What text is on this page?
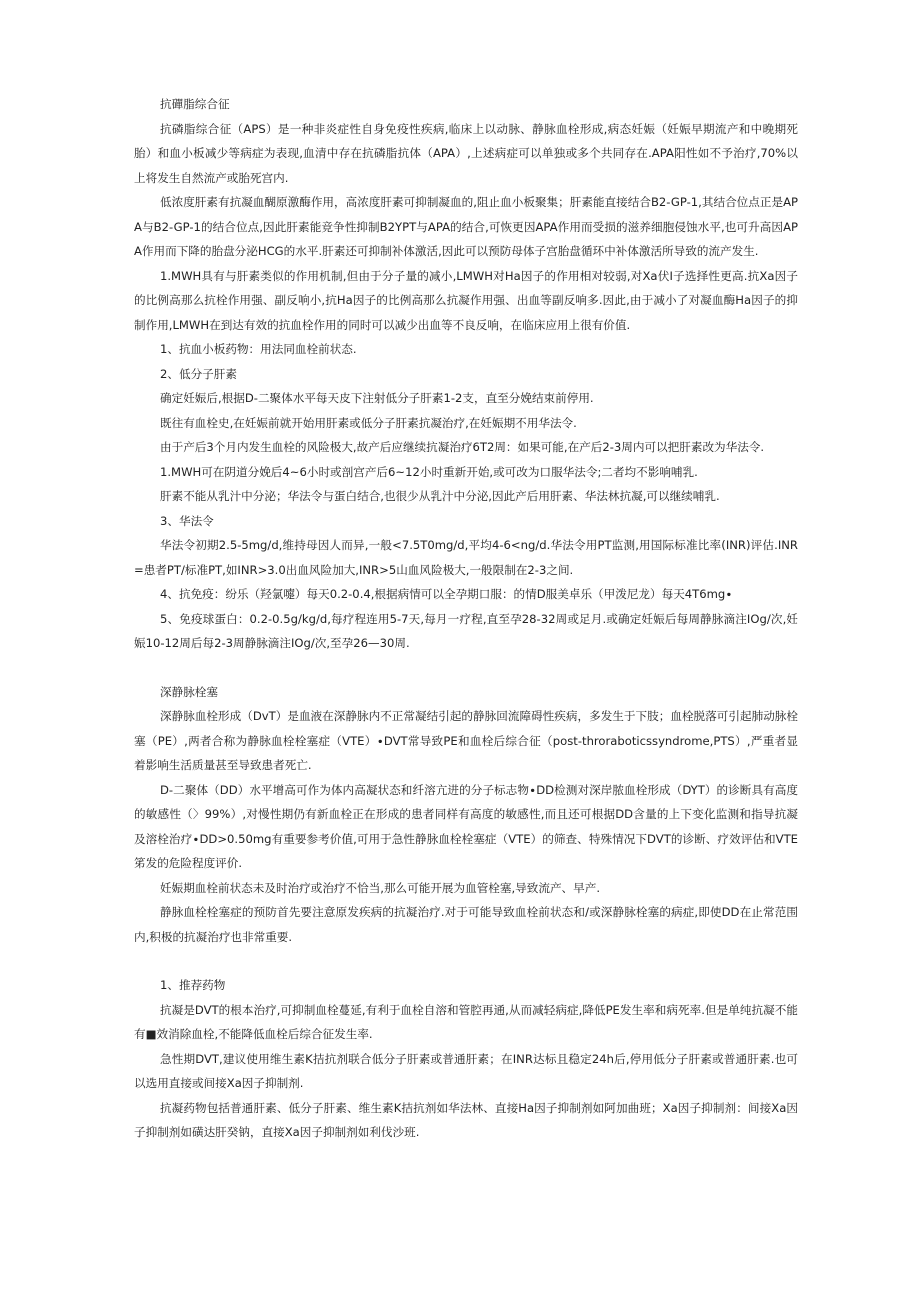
抗磾脂综合征
抗磷脂综合征（APS）是一种非炎症性自身免疫性疾病,临床上以动脉、静脉血栓形成,病态妊娠（妊娠早期流产和中晚期死胎）和血小板减少等病症为表现,血清中存在抗磷脂抗体（APA）,上述病症可以单独或多个共同存在.APA阳性如不予治疗,70%以上将发生自然流产或胎死宫内.
低浓度肝素有抗凝血醐原激酶作用，高浓度肝素可抑制凝血的,阻止血小板聚集；肝素能直接结合B2-GP-1,其结合位点正是APA与B2-GP-1的结合位点,因此肝素能竞争性抑制B2YPT与APA的结合,可恢更因APA作用而受损的滋养细胞侵蚀水平,也可升高因APA作用而下降的胎盘分泌HCG的水平.肝素还可抑制补体激活,因此可以预防母体子宫胎盘循环中补体激活所导致的流产发生.
1.MWH具有与肝素类似的作用机制,但由于分子量的减小,LMWH对Ha因子的作用相对较弱,对Xa伏I子选择性更高.抗Xa因子的比例高那么抗栓作用强、副反响小,抗Ha因子的比例高那么抗凝作用强、出血等副反响多.因此,由于减小了对凝血酶Ha因子的抑制作用,LMWH在到达有效的抗血栓作用的同时可以减少出血等不良反响，在临床应用上很有价值.
1、抗血小板药物：用法同血栓前状态.
2、低分子肝素
确定妊娠后,根据D-二聚体水平每天皮下注射低分子肝素1-2支，直至分娩结束前停用.
既往有血栓史,在妊娠前就开始用肝素或低分子肝素抗凝治疗,在妊娠期不用华法令.
由于产后3个月内发生血栓的风险极大,故产后应继续抗凝治疗6T2周：如果可能,在产后2-3周内可以把肝素改为华法令.
1.MWH可在阴道分娩后4~6小时或剖宫产后6~12小时重新开始,或可改为口服华法令;二者均不影响哺乳.
肝素不能从乳汁中分泌；华法令与蛋白结合,也很少从乳汁中分泌,因此产后用肝素、华法林抗凝,可以继续哺乳.
3、华法令
华法令初期2.5-5mg∕d,维持母因人而异,一般<7.5T0mg∕d,平均4-6<ng∕d.华法令用PT监测,用国际标准比率(INR)评估.INR=患者PT/标准PT,如INR>3.0出血风险加大,INR>5山血风险极大,一般限制在2-3之间.
4、抗免疫：纷乐（羟氯嚏）每天0.2-0.4,根据病情可以全孕期口服：的情D服美卓乐（甲泼尼龙）每天4T6mg∙
5、免疫球蛋白：0.2-0.5g∕kg∕d,每疗程连用5-7天,每月一疗程,直至孕28-32周或足月.或确定妊娠后每周静脉滴注IOg/次,妊娠10-12周后每2-3周静脉滴注IOg/次,至孕26—30周.
深静脉栓塞
深静脉血栓形成（DvT）是血液在深静脉内不正常凝结引起的静脉回流障碍性疾病，多发生于下肢；血栓脱落可引起肺动脉栓塞（PE）,两者合称为静脉血栓栓塞症（VTE）∙DVT常导致PE和血栓后综合征（post-throraboticssyndrome,PTS）,严重者显着影响生活质量甚至导致患者死亡.
D-二聚体（DD）水平增高可作为体内高凝状态和纤溶亢进的分子标志物∙DD检测对深岸脓血栓形成（DYT）的诊断具有高度的敏感性（〉99%）,对慢性期仍有新血栓正在形成的患者同样有高度的敏感性,而且还可根据DD含量的上下变化监测和指导抗凝及溶栓治疗∙DD>0.50mg有重要参考价值,可用于急性静脉血栓栓塞症（VTE）的筛查、特殊情况下DVT的诊断、疗效评估和VTE笫发的危险程度评价.
妊娠期血栓前状态未及时治疗或治疗不恰当,那么可能开展为血管栓塞,导致流产、早产.
静脉血栓栓塞症的预防首先要注意原发疾病的抗凝治疗.对于可能导致血栓前状态和/或深静脉栓塞的病症,即使DD在止常范围内,积极的抗凝治疗也非常重要.
1、推荐药物
抗凝是DVT的根本治疗,可抑制血栓蔓延,有利于血栓自溶和管腔再通,从而减轻病症,降低PE发生率和病死率.但是单纯抗凝不能有■效消除血栓,不能降低血栓后综合征发生率.
急性期DVT,建议使用维生素K拮抗剂联合低分子肝素或普通肝素；在INR达标且稳定24h后,停用低分子肝素或普通肝素.也可以选用直接或间接Xa因子抑制剂.
抗凝药物包括普通肝素、低分子肝素、维生素K拮抗剂如华法林、直接Ha因子抑制剂如阿加曲班；Xa因子抑制剂：间接Xa因子抑制剂如磺达肝癸钠，直接Xa因子抑制剂如利伐沙班.
